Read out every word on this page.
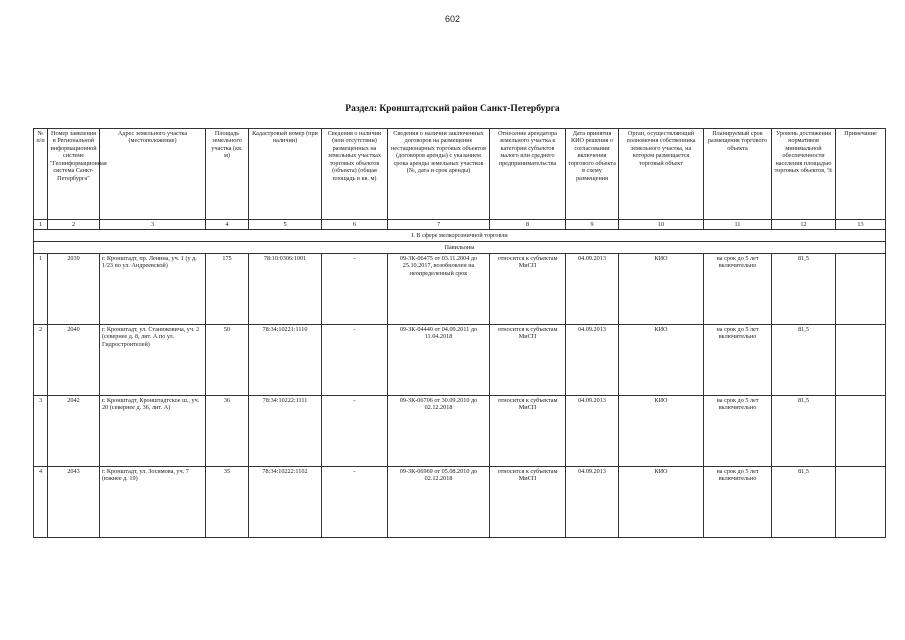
602
Раздел: Кронштадтский район Санкт-Петербурга
№ п/п	Номер заявления в Региональной информационной системе "Геоинформационная система Санкт-Петербурга"	Адрес земельного участка (местоположение)	Площадь земельного участка (кв. м)	Кадастровый номер (при наличии)	Сведения о наличии (или отсутствии) размещенных на земельных участках торговых объектов (объекта) (общая площадь в кв. м)	Сведения о наличии заключенных договоров на размещение нестационарных торговых объектов (договоров аренды) с указанием срока аренды земельных участков (№, дата и срок аренды)	Отнесение арендатора земельного участка к категории субъектов малого или среднего предпринимательства	Дата принятия КИО решения о согласовании включения торгового объекта в схему размещения	Орган, осуществляющий полномочия собственника земельного участка, на котором размещается торговый объект	Планируемый срок размещения торгового объекта	Уровень достижения нормативов минимальной обеспеченности населения площадью торговых объектов, %	Примечание
1	2	3	4	5	6	7	8	9	10	11	12	13
I. В сфере мелкорозничной торговли												
Павильоны												
1	2039	г. Кронштадт, пр. Ленина, уч. 1 (у д. 1/23 по ул. Андреевской)	175	78:10:0306:1001	-	09-ЗК-06475 от 03.11.2004 до 25.10.2017, возобновлен на неопределенный срок	относится к субъектам МиСП	04.09.2013	КИО	на срок до 5 лет включительно	81,5	
2	2040	г. Кронштадт, ул. Станюковича, уч. 2 (севернее д. 8, лит. А по ул. Гидростроителей)	50	78:34:10221:1110	-	09-ЗК-04440 от 04.09.2011 до 11.04.2018	относится к субъектам МиСП	04.09.2013	КИО	на срок до 5 лет включительно	81,5	
3	2042	г. Кронштадт, Кронштадтское ш., уч. 20 (севернее д. 36, лит. А)	36	78:34:10222:1111	-	09-ЗК-06706 от 30.09.2010 до 02.12.2018	относится к субъектам МиСП	04.09.2013	КИО	на срок до 5 лет включительно	81,5	
4	2043	г. Кронштадт, ул. Зосимова, уч. 7 (южнее д. 19)	35	78:34:10222:1102	-	09-ЗК-06969 от 05.08.2010 до 02.12.2018	относится к субъектам МиСП	04.09.2013	КИО	на срок до 5 лет включительно	81,5	
